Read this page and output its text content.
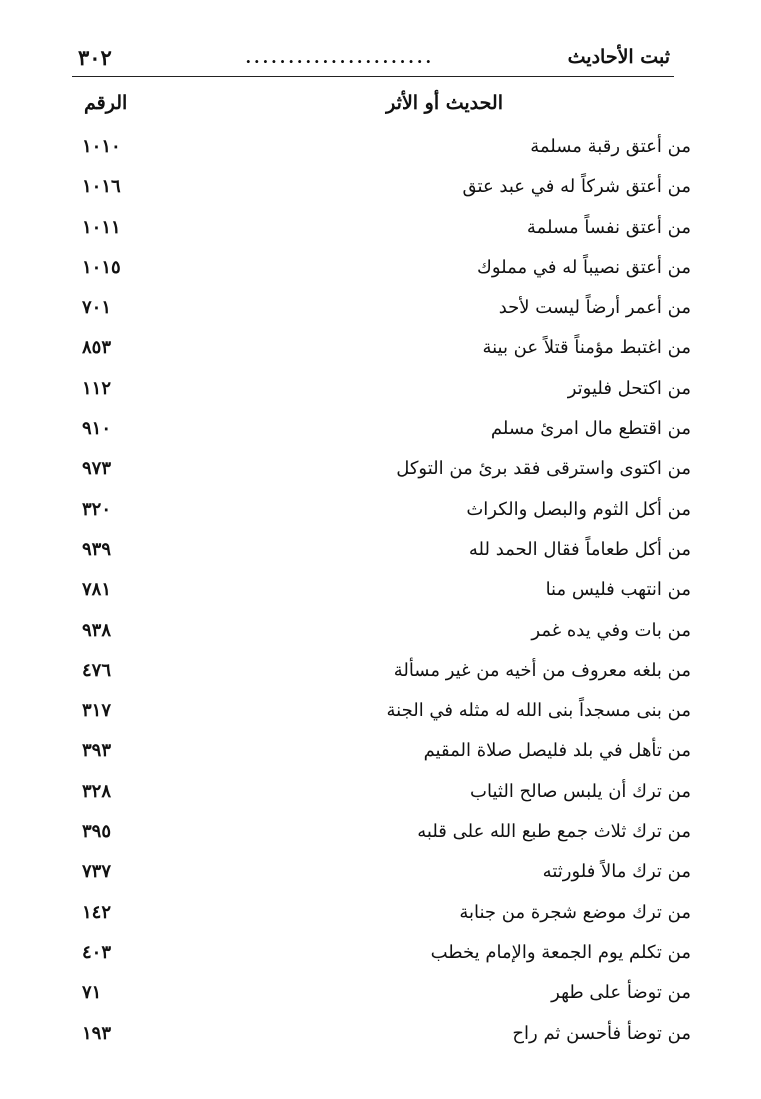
ثبت الأحاديث
......................
٣٠٢
الحديث أو الأثر
الرقم
من أعتق رقبة مسلمة
١٠١٠
من أعتق شركاً له في عبد عتق
١٠١٦
من أعتق نفساً مسلمة
١٠١١
من أعتق نصيباً له في مملوك
١٠١٥
من أعمر أرضاً ليست لأحد
٧٠١
من اغتبط مؤمناً قتلاً عن بينة
٨٥٣
من اكتحل فليوتر
١١٢
من اقتطع مال امرئ مسلم
٩١٠
من اكتوى واسترقى فقد برئ من التوكل
٩٧٣
من أكل الثوم والبصل والكراث
٣٢٠
من أكل طعاماً فقال الحمد لله
٩٣٩
من انتهب فليس منا
٧٨١
من بات وفي يده غمر
٩٣٨
من بلغه معروف من أخيه من غير مسألة
٤٧٦
من بنى مسجداً بنى الله له مثله في الجنة
٣١٧
من تأهل في بلد فليصل صلاة المقيم
٣٩٣
من ترك أن يلبس صالح الثياب
٣٢٨
من ترك ثلاث جمع طبع الله على قلبه
٣٩٥
من ترك مالاً فلورثته
٧٣٧
من ترك موضع شجرة من جنابة
١٤٢
من تكلم يوم الجمعة والإمام يخطب
٤٠٣
من توضأ على طهر
٧١
من توضأ فأحسن ثم راح
١٩٣
